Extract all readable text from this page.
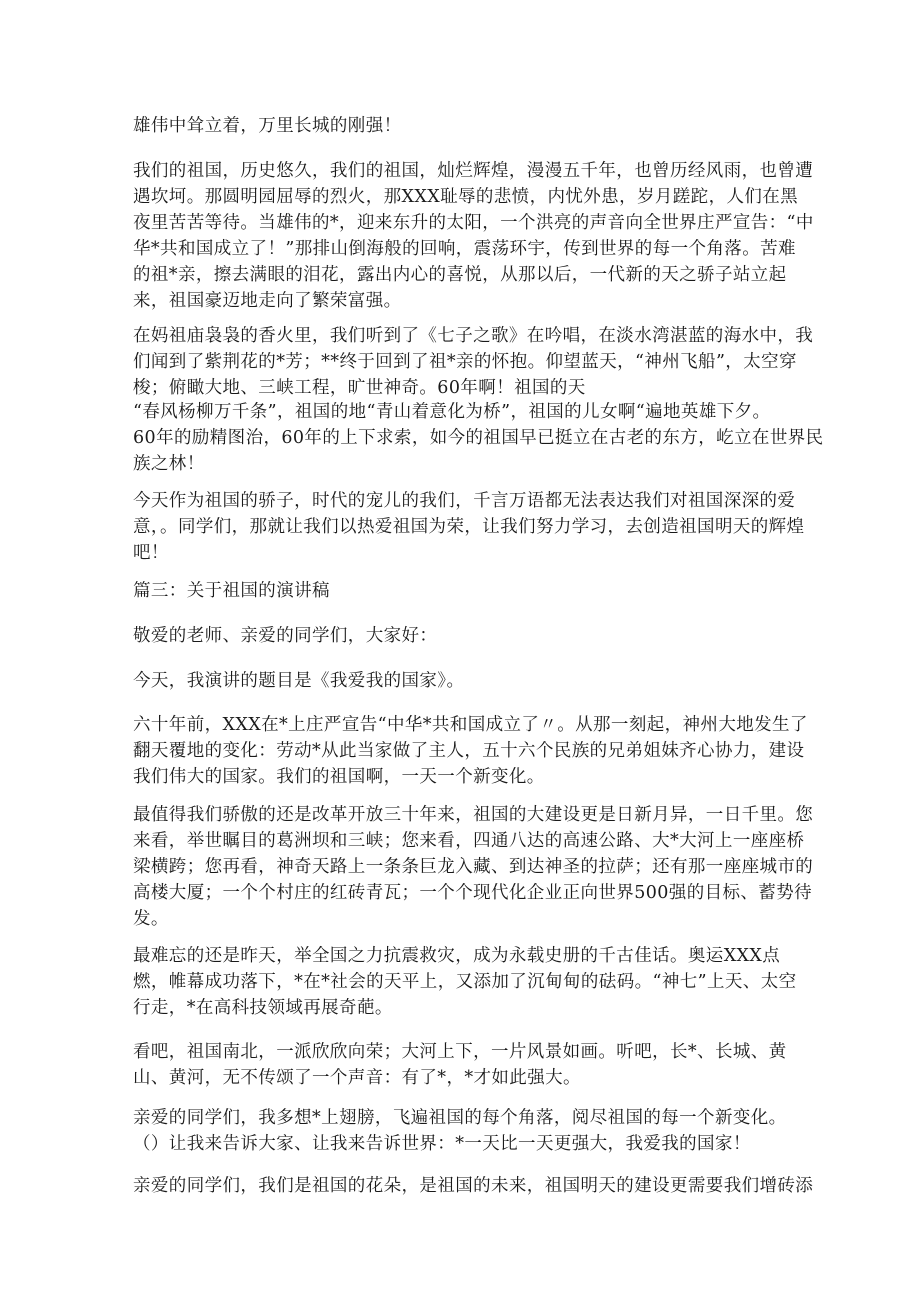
雄伟中耸立着，万里长城的刚强！
我们的祖国，历史悠久，我们的祖国，灿烂辉煌，漫漫五千年，也曾历经风雨，也曾遭
遇坎坷。那圆明园屈辱的烈火，那XXX耻辱的悲愤，内忧外患，岁月蹉跎，人们在黑
夜里苦苦等待。当雄伟的*，迎来东升的太阳，一个洪亮的声音向全世界庄严宣告：“中
华*共和国成立了！”那排山倒海般的回响，震荡环宇，传到世界的每一个角落。苦难
的祖*亲，擦去满眼的泪花，露出内心的喜悦，从那以后，一代新的天之骄子站立起
来，祖国豪迈地走向了繁荣富强。
在妈祖庙袅袅的香火里，我们听到了《七子之歌》在吟唱，在淡水湾湛蓝的海水中，我
们闻到了紫荆花的*芳；**终于回到了祖*亲的怀抱。仰望蓝天，“神州飞船”，太空穿
梭；俯瞰大地、三峡工程，旷世神奇。60年啊！祖国的天
“春风杨柳万千条”，祖国的地“青山着意化为桥”，祖国的儿女啊“遍地英雄下夕。
60年的励精图治，60年的上下求索，如今的祖国早已挺立在古老的东方，屹立在世界民
族之林！
今天作为祖国的骄子，时代的宠儿的我们，千言万语都无法表达我们对祖国深深的爱
意，。同学们，那就让我们以热爱祖国为荣，让我们努力学习，去创造祖国明天的辉煌
吧！
篇三：关于祖国的演讲稿
敬爱的老师、亲爱的同学们，大家好：
今天，我演讲的题目是《我爱我的国家》。
六十年前，XXX在*上庄严宣告“中华*共和国成立了〃。从那一刻起，神州大地发生了
翻天覆地的变化：劳动*从此当家做了主人，五十六个民族的兄弟姐妹齐心协力，建设
我们伟大的国家。我们的祖国啊，一天一个新变化。
最值得我们骄傲的还是改革开放三十年来，祖国的大建设更是日新月异，一日千里。您
来看，举世瞩目的葛洲坝和三峡；您来看，四通八达的高速公路、大*大河上一座座桥
梁横跨；您再看，神奇天路上一条条巨龙入藏、到达神圣的拉萨；还有那一座座城市的
高楼大厦；一个个村庄的红砖青瓦；一个个现代化企业正向世界500强的目标、蓄势待
发。
最难忘的还是昨天，举全国之力抗震救灾，成为永载史册的千古佳话。奥运XXX点
燃，帷幕成功落下，*在*社会的天平上，又添加了沉甸甸的砝码。“神七”上天、太空
行走，*在高科技领域再展奇葩。
看吧，祖国南北，一派欣欣向荣；大河上下，一片风景如画。听吧，长*、长城、黄
山、黄河，无不传颂了一个声音：有了*，*才如此强大。
亲爱的同学们，我多想*上翅膀，飞遍祖国的每个角落，阅尽祖国的每一个新变化。
（）让我来告诉大家、让我来告诉世界：*一天比一天更强大，我爱我的国家！
亲爱的同学们，我们是祖国的花朵，是祖国的未来，祖国明天的建设更需要我们增砖添
